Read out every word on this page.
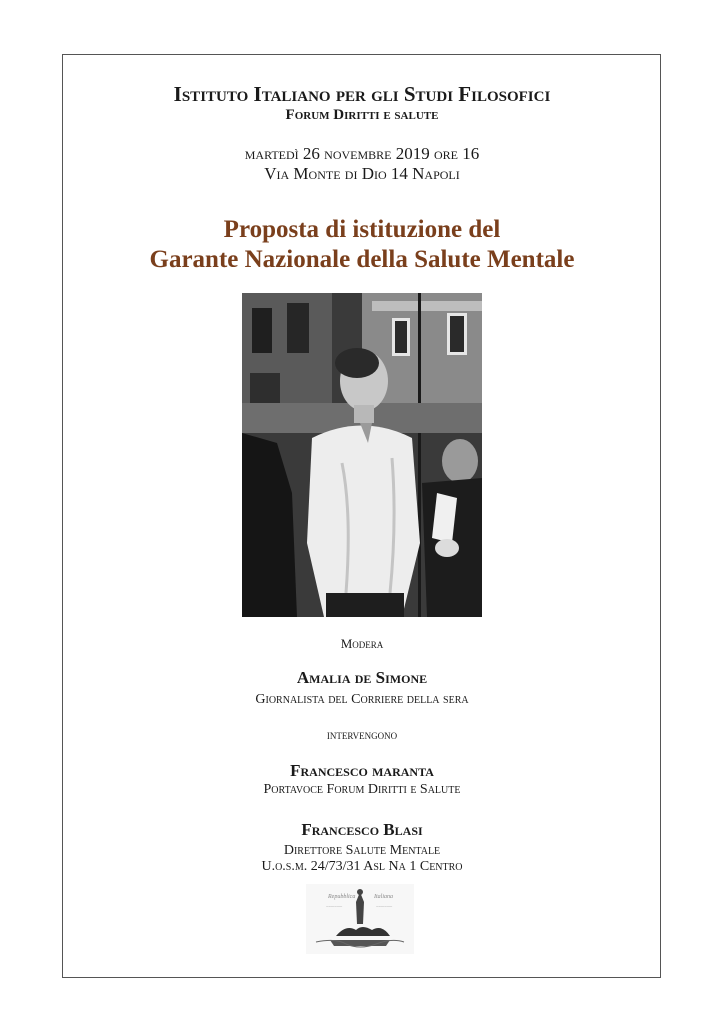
Istituto Italiano per gli Studi Filosofici
Forum Diritti e salute
martedì 26 novembre 2019 ore 16
Via Monte di Dio 14 Napoli
Proposta di istituzione del
Garante Nazionale della Salute Mentale
Modera
Amalia de Simone
Giornalista del Corriere della sera
intervengono
Francesco maranta
Portavoce Forum Diritti e Salute
Francesco Blasi
Direttore Salute Mentale
U.o.s.m. 24/73/31 Asl Na 1 Centro
Repubblica	Italiana
~~~~~~	~~~~~~
